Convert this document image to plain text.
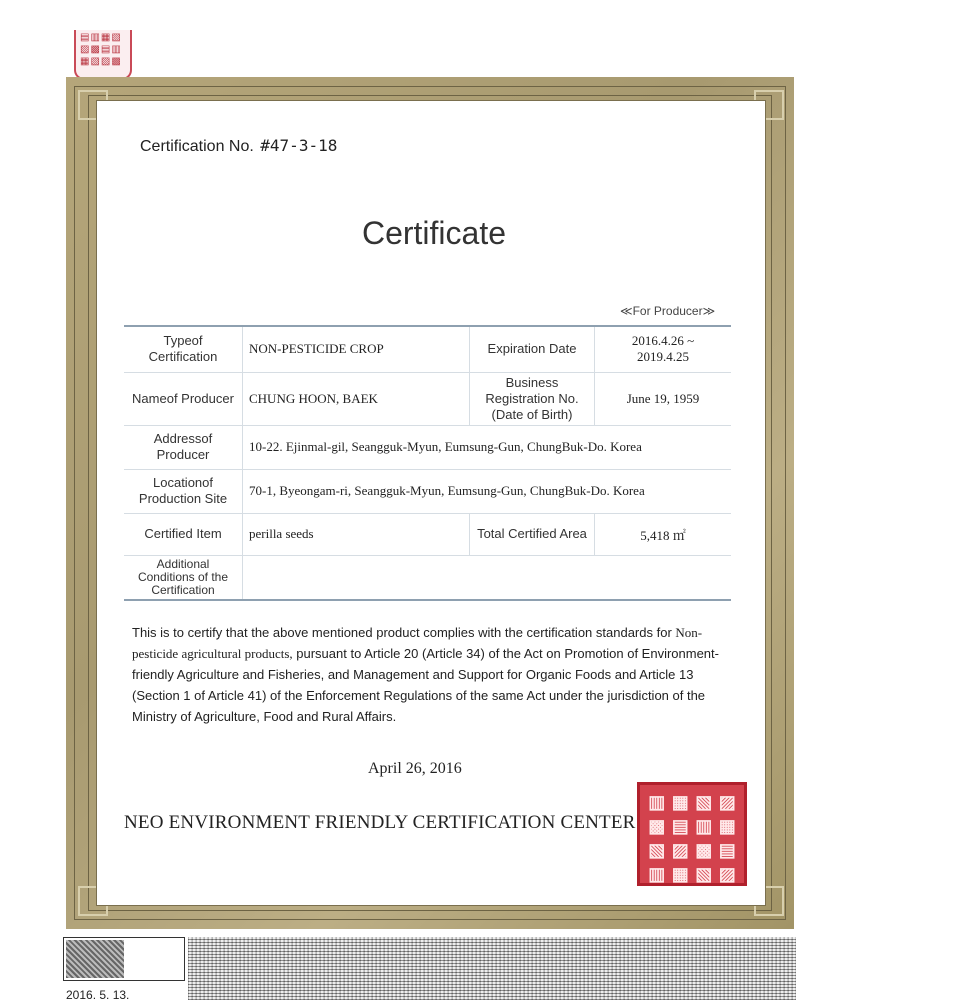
▤▥▦▧
▨▩▤▥
▦▧▨▩
Certification No. #47-3-18
Certificate
≪For Producer≫
Typeof Certification	NON-PESTICIDE CROP	Expiration Date	2016.4.26 ~
2019.4.25

Nameof Producer	CHUNG HOON, BAEK	Business Registration No. (Date of Birth)	June 19, 1959
Addressof Producer	10-22. Ejinmal-gil, Seangguk-Myun, Eumsung-Gun, ChungBuk-Do. Korea		
Locationof Production Site	70-1, Byeongam-ri, Seangguk-Myun, Eumsung-Gun, ChungBuk-Do. Korea		
Certified Item	perilla seeds	Total Certified Area	5,418 ㎡
Additional Conditions of the Certification			
This is to certify that the above mentioned product complies with the certification standards for Non-pesticide agricultural products, pursuant to Article 20 (Article 34) of the Act on Promotion of Environment-friendly Agriculture and Fisheries, and Management and Support for Organic Foods and Article 13 (Section 1 of Article 41) of the Enforcement Regulations of the same Act under the jurisdiction of the Ministry of Agriculture, Food and Rural Affairs.
April 26, 2016
▥ ▦ ▧ ▨
▩ ▤ ▥ ▦
▧ ▨ ▩ ▤
▥ ▦ ▧ ▨
NEO ENVIRONMENT FRIENDLY CERTIFICATION CENTER
2016. 5. 13.
